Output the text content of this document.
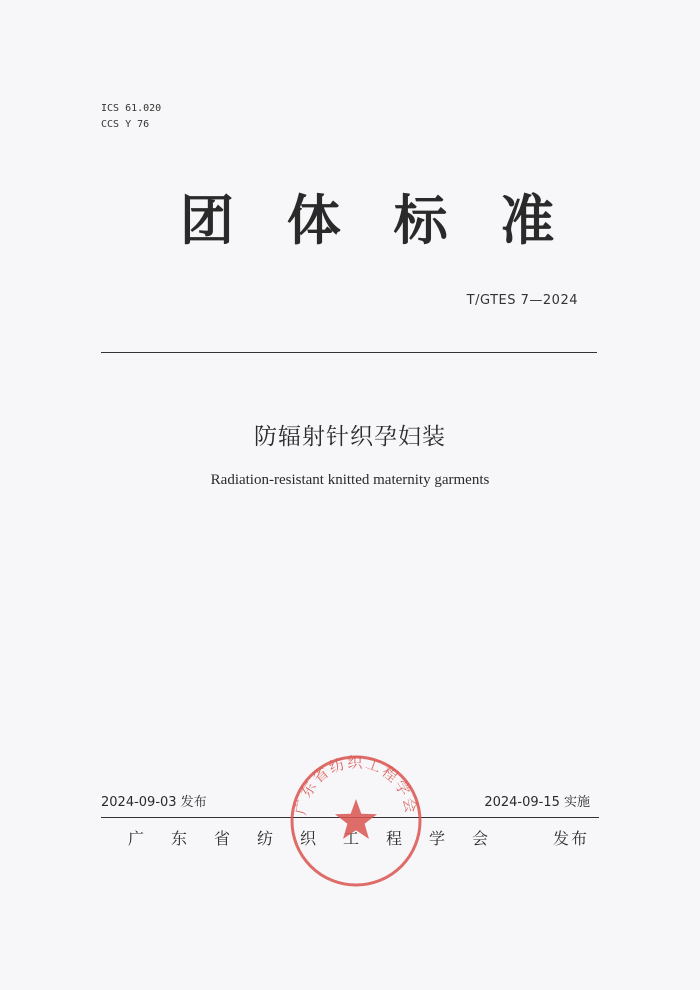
ICS 61.020
CCS Y 76
团 体 标 准
T/GTES 7—2024
防辐射针织孕妇装
Radiation-resistant knitted maternity garments
2024-09-03 发布	2024-09-15 实施
广东省纺织工程学会	发布
广东省纺织工程学会
